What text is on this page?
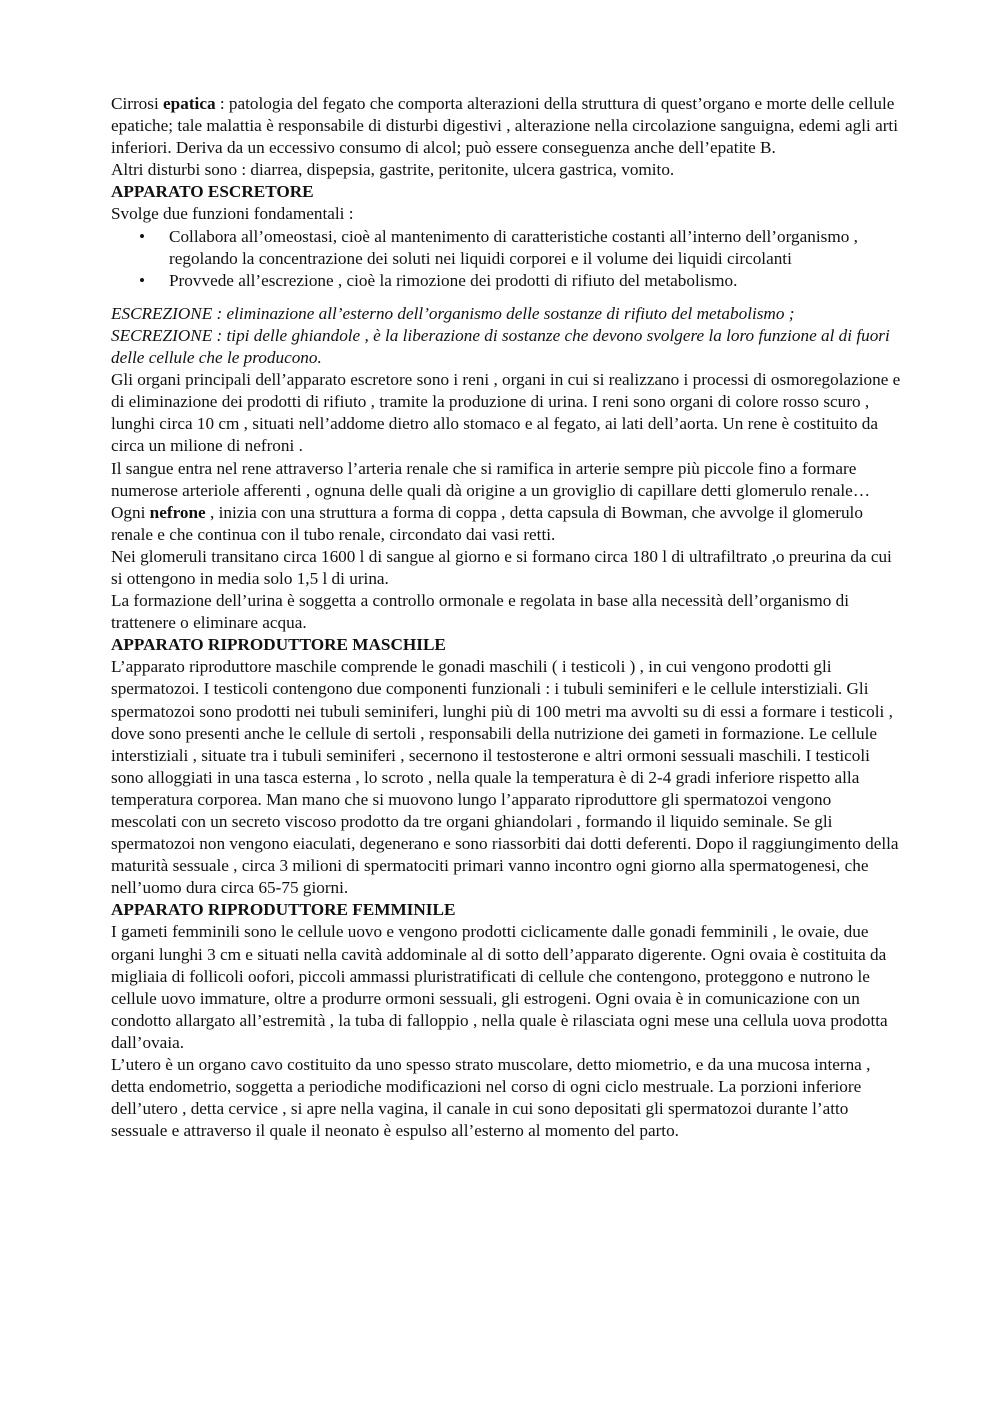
Cirrosi epatica : patologia del fegato che comporta alterazioni della struttura di quest’organo e morte delle cellule epatiche; tale malattia è responsabile di disturbi digestivi , alterazione nella circolazione sanguigna, edemi agli arti inferiori. Deriva da un eccessivo consumo di alcol; può essere conseguenza anche dell’epatite B.

Altri disturbi sono : diarrea, dispepsia, gastrite, peritonite, ulcera gastrica, vomito.

APPARATO ESCRETORE

Svolge due funzioni fondamentali :

• Collabora all’omeostasi, cioè al mantenimento di caratteristiche costanti all’interno dell’organismo , regolando la concentrazione dei soluti nei liquidi corporei e il volume dei liquidi circolanti
• Provvede all’escrezione , cioè la rimozione dei prodotti di rifiuto del metabolismo.

ESCREZIONE : eliminazione all’esterno dell’organismo delle sostanze di rifiuto del metabolismo ;
SECREZIONE : tipi delle ghiandole , è la liberazione di sostanze che devono svolgere la loro funzione al di fuori delle cellule che le producono.

Gli organi principali dell’apparato escretore sono i reni , organi in cui si realizzano i processi di osmoregolazione e di eliminazione dei prodotti di rifiuto , tramite la produzione di urina. I reni sono organi di colore rosso scuro , lunghi circa 10 cm , situati nell’addome dietro allo stomaco e al fegato, ai lati dell’aorta. Un rene è costituito da circa un milione di nefroni .

Il sangue entra nel rene attraverso l’arteria renale che si ramifica in arterie sempre più piccole fino a formare numerose arteriole afferenti , ognuna delle quali dà origine a un groviglio di capillare detti glomerulo renale…

Ogni nefrone , inizia con una struttura a forma di coppa , detta capsula di Bowman, che avvolge il glomerulo renale e che continua con il tubo renale, circondato dai vasi retti.

Nei glomeruli transitano circa 1600 l di sangue al giorno e si formano circa 180 l di ultrafiltrato ,o preurina da cui si ottengono in media solo 1,5 l di urina.

La formazione dell’urina è soggetta a controllo ormonale e regolata in base alla necessità dell’organismo di trattenere o eliminare acqua.

APPARATO RIPRODUTTORE MASCHILE

L’apparato riproduttore maschile comprende le gonadi maschili ( i testicoli ) , in cui vengono prodotti gli spermatozoi. I testicoli contengono due componenti funzionali : i tubuli seminiferi e le cellule interstiziali. Gli spermatozoi sono prodotti nei tubuli seminiferi, lunghi più di 100 metri ma avvolti su di essi a formare i testicoli , dove sono presenti anche le cellule di sertoli , responsabili della nutrizione dei gameti in formazione. Le cellule interstiziali , situate tra i tubuli seminiferi , secernono il testosterone e altri ormoni sessuali maschili. I testicoli sono alloggiati in una tasca esterna , lo scroto , nella quale la temperatura è di 2-4 gradi inferiore rispetto alla temperatura corporea. Man mano che si muovono lungo l’apparato riproduttore gli spermatozoi vengono mescolati con un secreto viscoso prodotto da tre organi ghiandolari , formando il liquido seminale. Se gli spermatozoi non vengono eiaculati, degenerano e sono riassorbiti dai dotti deferenti. Dopo il raggiungimento della maturità sessuale , circa 3 milioni di spermatociti primari vanno incontro ogni giorno alla spermatogenesi, che nell’uomo dura circa 65-75 giorni.

APPARATO RIPRODUTTORE FEMMINILE

I gameti femminili sono le cellule uovo e vengono prodotti ciclicamente dalle gonadi femminili , le ovaie, due organi lunghi 3 cm e situati nella cavità addominale al di sotto dell’apparato digerente. Ogni ovaia è costituita da migliaia di follicoli oofori, piccoli ammassi pluristratificati di cellule che contengono, proteggono e nutrono le cellule uovo immature, oltre a produrre ormoni sessuali, gli estrogeni. Ogni ovaia è in comunicazione con un condotto allargato all’estremità , la tuba di falloppio , nella quale è rilasciata ogni mese una cellula uova prodotta dall’ovaia.

L’utero è un organo cavo costituito da uno spesso strato muscolare, detto miometrio, e da una mucosa interna , detta endometrio, soggetta a periodiche modificazioni nel corso di ogni ciclo mestruale. La porzioni inferiore dell’utero , detta cervice , si apre nella vagina, il canale in cui sono depositati gli spermatozoi durante l’atto sessuale e attraverso il quale il neonato è espulso all’esterno al momento del parto.
